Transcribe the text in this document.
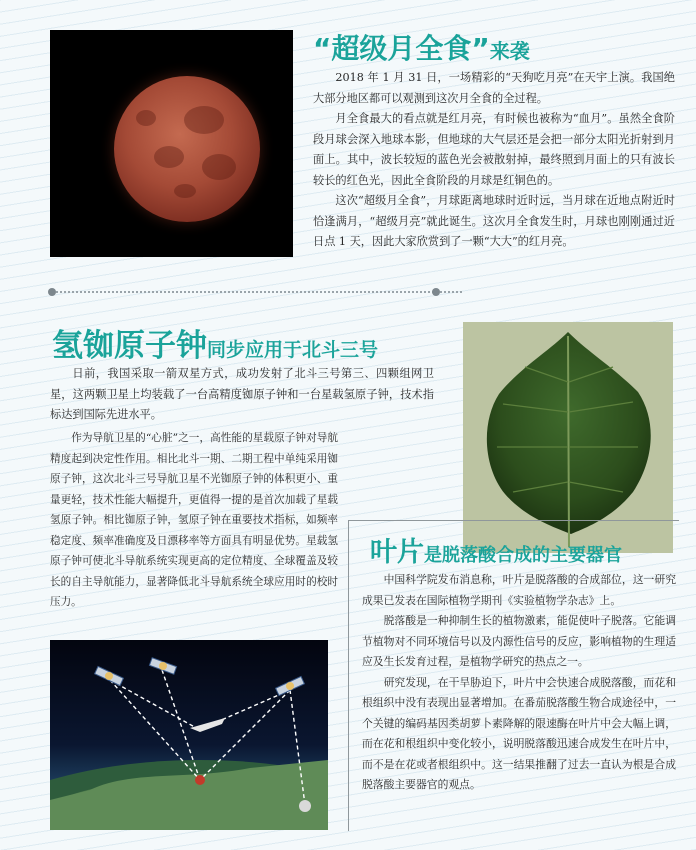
“超级月全食”来袭

2018 年 1 月 31 日，一场精彩的“天狗吃月亮”在天宇上演。我国绝大部分地区都可以观测到这次月全食的全过程。

月全食最大的看点就是红月亮，有时候也被称为“血月”。虽然全食阶段月球会深入地球本影，但地球的大气层还是会把一部分太阳光折射到月面上。其中，波长较短的蓝色光会被散射掉，最终照到月面上的只有波长较长的红色光，因此全食阶段的月球是红铜色的。

这次“超级月全食”，月球距离地球时近时远，当月球在近地点附近时恰逢满月，“超级月亮”就此诞生。这次月全食发生时，月球也刚刚通过近日点 1 天，因此大家欣赏到了一颗“大大”的红月亮。

氢铷原子钟同步应用于北斗三号

日前，我国采取一箭双星方式，成功发射了北斗三号第三、四颗组网卫星，这两颗卫星上均装载了一台高精度铷原子钟和一台星载氢原子钟，技术指标达到国际先进水平。

作为导航卫星的“心脏”之一，高性能的星载原子钟对导航精度起到决定性作用。相比北斗一期、二期工程中单纯采用铷原子钟，这次北斗三号导航卫星不光铷原子钟的体积更小、重量更轻，技术性能大幅提升，更值得一提的是首次加载了星载氢原子钟。相比铷原子钟，氢原子钟在重要技术指标，如频率稳定度、频率准确度及日漂移率等方面具有明显优势。星载氢原子钟可使北斗导航系统实现更高的定位精度、全球覆盖及较长的自主导航能力，显著降低北斗导航系统全球应用时的校时压力。

叶片是脱落酸合成的主要器官

中国科学院发布消息称，叶片是脱落酸的合成部位，这一研究成果已发表在国际植物学期刊《实验植物学杂志》上。

脱落酸是一种抑制生长的植物激素，能促使叶子脱落。它能调节植物对不同环境信号以及内源性信号的反应，影响植物的生理适应及生长发育过程，是植物学研究的热点之一。

研究发现，在干旱胁迫下，叶片中会快速合成脱落酸，而花和根组织中没有表现出显著增加。在番茄脱落酸生物合成途径中，一个关键的编码基因类胡萝卜素降解的限速酶在叶片中会大幅上调，而在花和根组织中变化较小，说明脱落酸迅速合成发生在叶片中，而不是在花或者根组织中。这一结果推翻了过去一直认为根是合成脱落酸主要器官的观点。
